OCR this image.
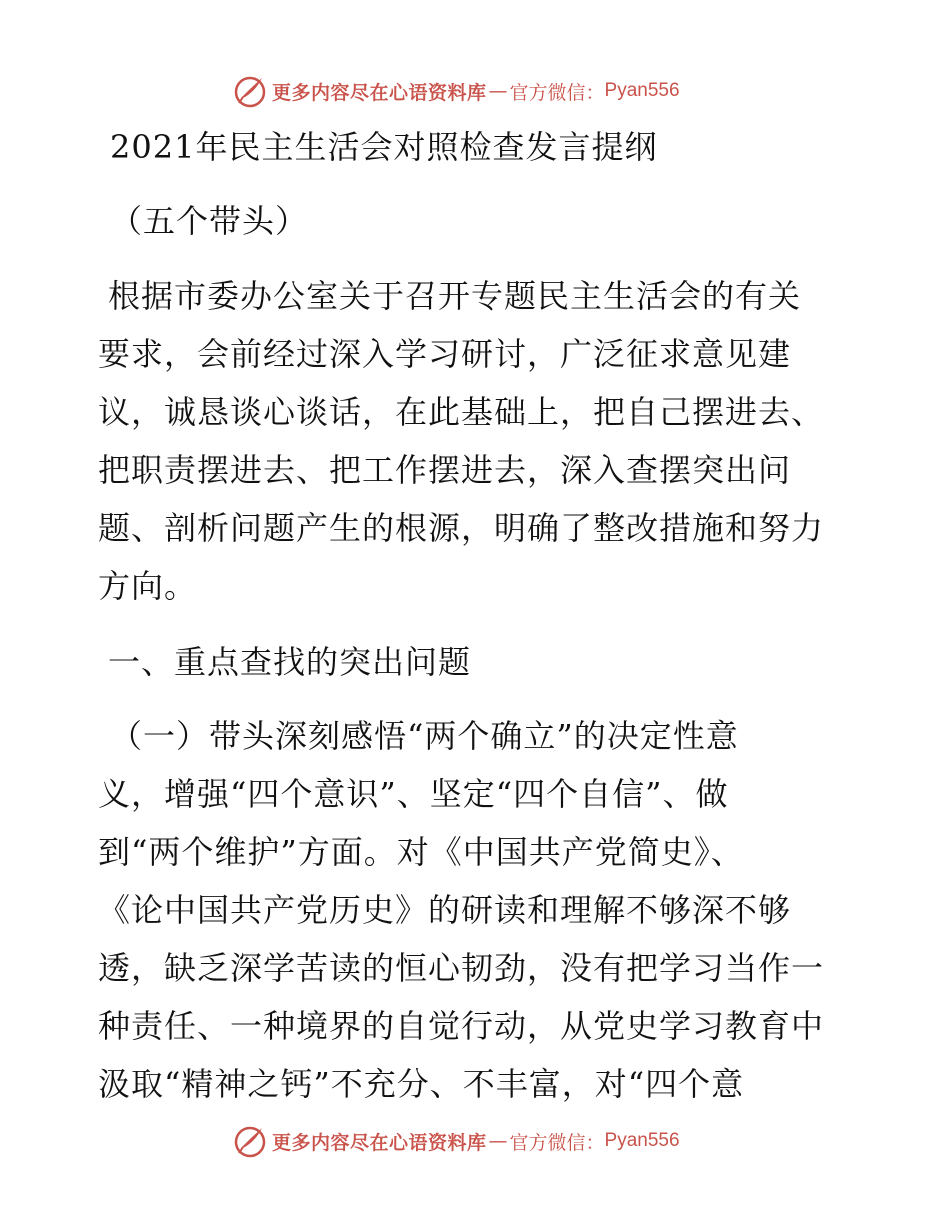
更多内容尽在心语资料库 — 官方微信： Pyan556
2021年民主生活会对照检查发言提纲
（五个带头）
根据市委办公室关于召开专题民主生活会的有关
要求，会前经过深入学习研讨，广泛征求意见建
议，诚恳谈心谈话，在此基础上，把自己摆进去、
把职责摆进去、把工作摆进去，深入查摆突出问
题、剖析问题产生的根源，明确了整改措施和努力
方向。
一、重点查找的突出问题
（一）带头深刻感悟“两个确立”的决定性意
义，增强“四个意识”、坚定“四个自信”、做
到“两个维护”方面。对《中国共产党简史》、
《论中国共产党历史》的研读和理解不够深不够
透，缺乏深学苦读的恒心韧劲，没有把学习当作一
种责任、一种境界的自觉行动，从党史学习教育中
汲取“精神之钙”不充分、不丰富，对“四个意
更多内容尽在心语资料库 — 官方微信： Pyan556
